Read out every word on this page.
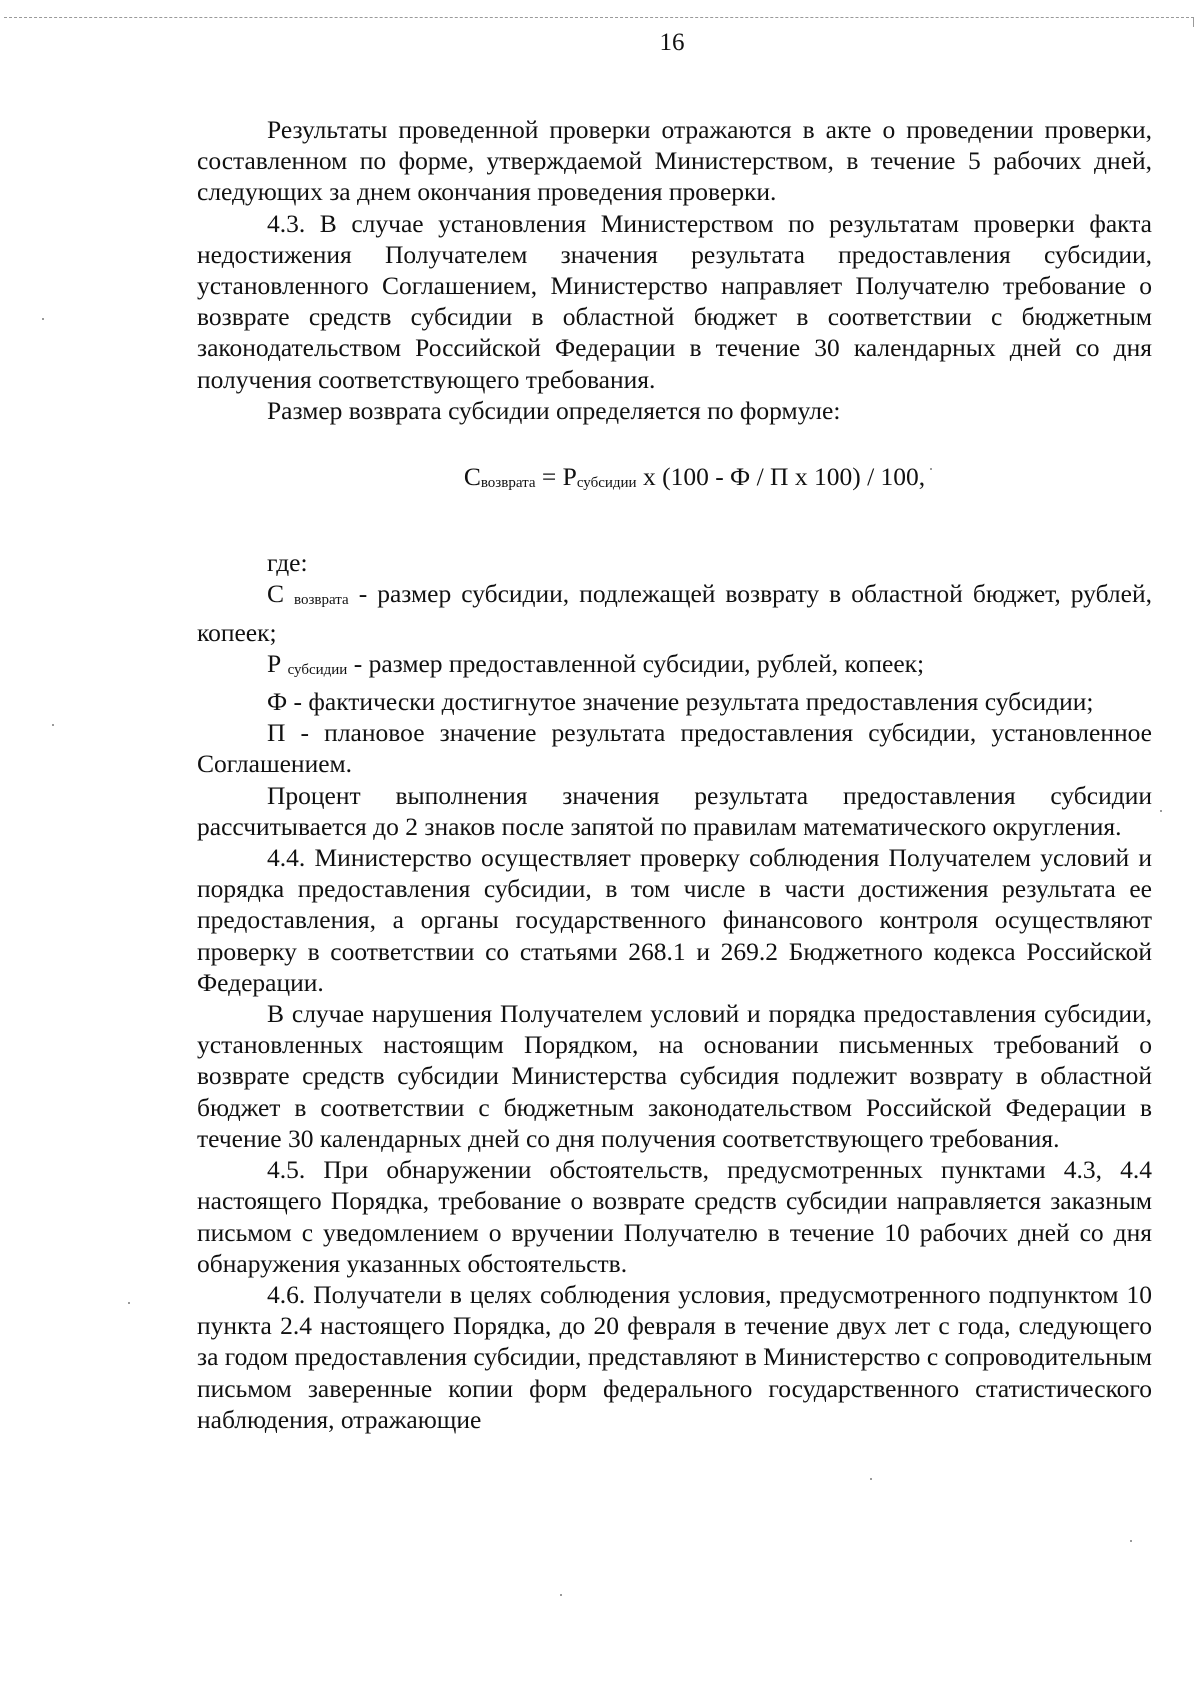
16

Результаты проведенной проверки отражаются в акте о проведении проверки, составленном по форме, утверждаемой Министерством, в течение 5 рабочих дней, следующих за днем окончания проведения проверки.

4.3. В случае установления Министерством по результатам проверки факта недостижения Получателем значения результата предоставления субсидии, установленного Соглашением, Министерство направляет Получателю требование о возврате средств субсидии в областной бюджет в соответствии с бюджетным законодательством Российской Федерации в течение 30 календарных дней со дня получения соответствующего требования.

Размер возврата субсидии определяется по формуле:

Свозврата = Рсубсидии х (100 - Ф / П х 100) / 100,

где:

С возврата - размер субсидии, подлежащей возврату в областной бюджет, рублей, копеек;

Р субсидии - размер предоставленной субсидии, рублей, копеек;

Ф - фактически достигнутое значение результата предоставления субсидии;

П - плановое значение результата предоставления субсидии, установленное Соглашением.

Процент выполнения значения результата предоставления субсидии рассчитывается до 2 знаков после запятой по правилам математического округления.

4.4. Министерство осуществляет проверку соблюдения Получателем условий и порядка предоставления субсидии, в том числе в части достижения результата ее предоставления, а органы государственного финансового контроля осуществляют проверку в соответствии со статьями 268.1 и 269.2 Бюджетного кодекса Российской Федерации.

В случае нарушения Получателем условий и порядка предоставления субсидии, установленных настоящим Порядком, на основании письменных требований о возврате средств субсидии Министерства субсидия подлежит возврату в областной бюджет в соответствии с бюджетным законодательством Российской Федерации в течение 30 календарных дней со дня получения соответствующего требования.

4.5. При обнаружении обстоятельств, предусмотренных пунктами 4.3, 4.4 настоящего Порядка, требование о возврате средств субсидии направляется заказным письмом с уведомлением о вручении Получателю в течение 10 рабочих дней со дня обнаружения указанных обстоятельств.

4.6. Получатели в целях соблюдения условия, предусмотренного подпунктом 10 пункта 2.4 настоящего Порядка, до 20 февраля в течение двух лет с года, следующего за годом предоставления субсидии, представляют в Министерство с сопроводительным письмом заверенные копии форм федерального государственного статистического наблюдения, отражающие
